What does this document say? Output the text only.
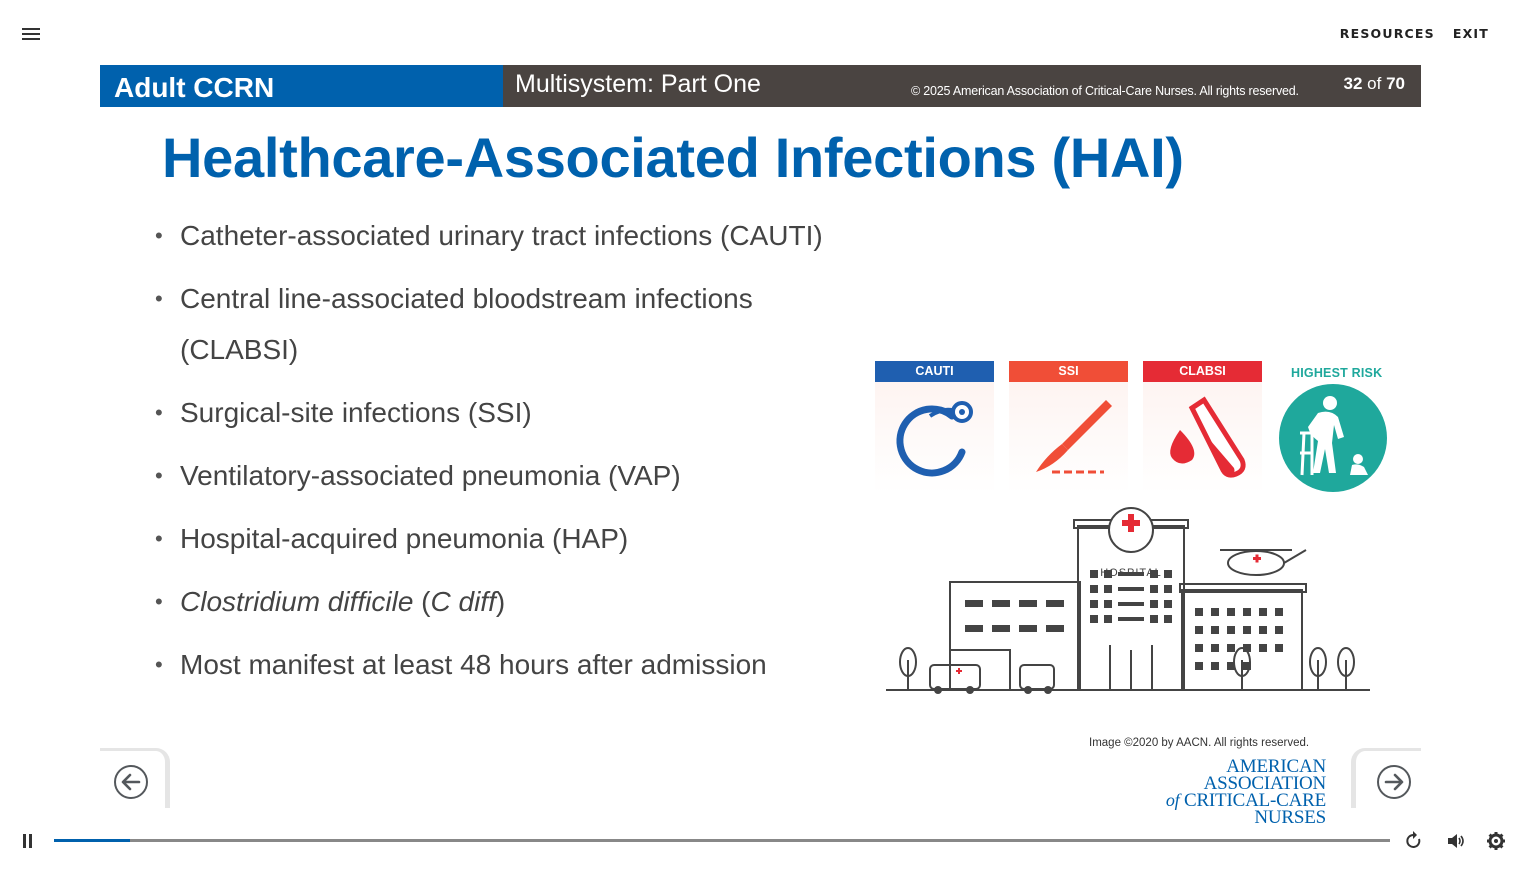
RESOURCES EXIT
Adult CCRN	Multisystem: Part One	© 2025 American Association of Critical-Care Nurses. All rights reserved.	32 of 70
Healthcare-Associated Infections (HAI)
• Catheter-associated urinary tract infections (CAUTI)
• Central line-associated bloodstream infections (CLABSI)
• Surgical-site infections (SSI)
• Ventilatory-associated pneumonia (VAP)
• Hospital-acquired pneumonia (HAP)
• Clostridium difficile (C diff)
• Most manifest at least 48 hours after admission
CAUTI	SSI	CLABSI	HIGHEST RISK
HOSPITAL
Image ©2020 by AACN. All rights reserved.
AMERICAN ASSOCIATION
of CRITICAL-CARE NURSES
